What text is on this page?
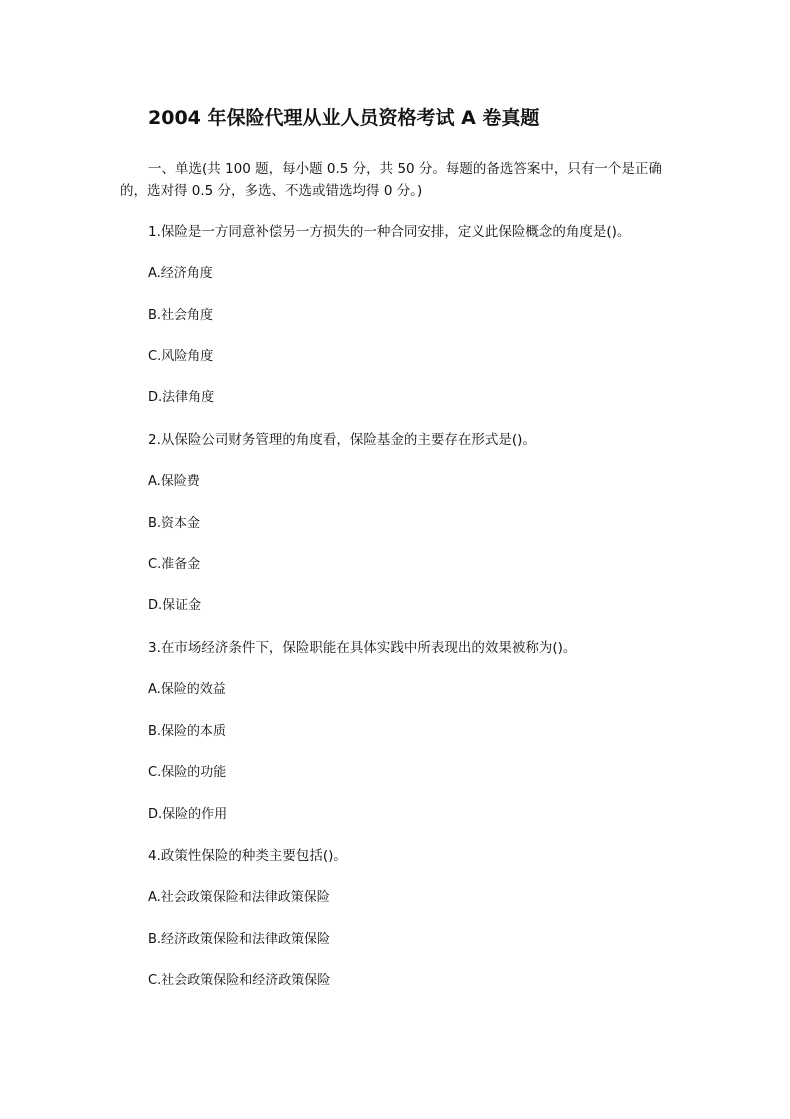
2004 年保险代理从业人员资格考试 A 卷真题
一、单选(共 100 题，每小题 0.5 分，共 50 分。每题的备选答案中，只有一个是正确的，选对得 0.5 分，多选、不选或错选均得 0 分。)
1.保险是一方同意补偿另一方损失的一种合同安排，定义此保险概念的角度是()。
A.经济角度
B.社会角度
C.风险角度
D.法律角度
2.从保险公司财务管理的角度看，保险基金的主要存在形式是()。
A.保险费
B.资本金
C.准备金
D.保证金
3.在市场经济条件下，保险职能在具体实践中所表现出的效果被称为()。
A.保险的效益
B.保险的本质
C.保险的功能
D.保险的作用
4.政策性保险的种类主要包括()。
A.社会政策保险和法律政策保险
B.经济政策保险和法律政策保险
C.社会政策保险和经济政策保险
